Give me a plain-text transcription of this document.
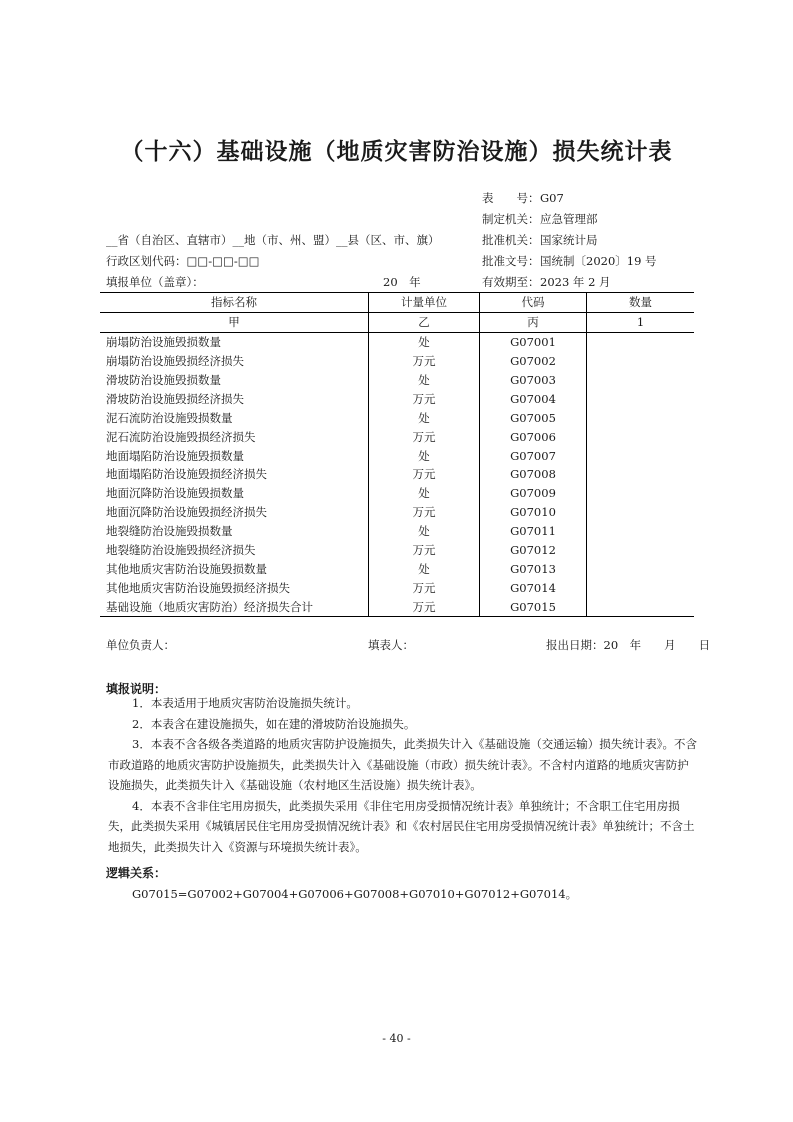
（十六）基础设施（地质灾害防治设施）损失统计表
表　　号：G07
制定机关：应急管理部
__省（自治区、直辖市）__地（市、州、盟）__县（区、市、旗）	批准机关：国家统计局
行政区划代码：□□-□□-□□	批准文号：国统制〔2020〕19 号
填报单位（盖章）：	20　年	有效期至：2023 年 2 月
指标名称	计量单位	代码	数量
甲	乙	丙	1
崩塌防治设施毁损数量	处	G07001	
崩塌防治设施毁损经济损失	万元	G07002	
滑坡防治设施毁损数量	处	G07003	
滑坡防治设施毁损经济损失	万元	G07004	
泥石流防治设施毁损数量	处	G07005	
泥石流防治设施毁损经济损失	万元	G07006	
地面塌陷防治设施毁损数量	处	G07007	
地面塌陷防治设施毁损经济损失	万元	G07008	
地面沉降防治设施毁损数量	处	G07009	
地面沉降防治设施毁损经济损失	万元	G07010	
地裂缝防治设施毁损数量	处	G07011	
地裂缝防治设施毁损经济损失	万元	G07012	
其他地质灾害防治设施毁损数量	处	G07013	
其他地质灾害防治设施毁损经济损失	万元	G07014	
基础设施（地质灾害防治）经济损失合计	万元	G07015	
单位负责人：	填表人：	报出日期：20　年　　月　　日
填报说明：

1．本表适用于地质灾害防治设施损失统计。

2．本表含在建设施损失，如在建的滑坡防治设施损失。

3．本表不含各级各类道路的地质灾害防护设施损失，此类损失计入《基础设施（交通运输）损失统计表》。不含市政道路的地质灾害防护设施损失，此类损失计入《基础设施（市政）损失统计表》。不含村内道路的地质灾害防护设施损失，此类损失计入《基础设施（农村地区生活设施）损失统计表》。

4．本表不含非住宅用房损失，此类损失采用《非住宅用房受损情况统计表》单独统计；不含职工住宅用房损失，此类损失采用《城镇居民住宅用房受损情况统计表》和《农村居民住宅用房受损情况统计表》单独统计；不含土地损失，此类损失计入《资源与环境损失统计表》。

逻辑关系：
G07015=G07002+G07004+G07006+G07008+G07010+G07012+G07014。
- 40 -
